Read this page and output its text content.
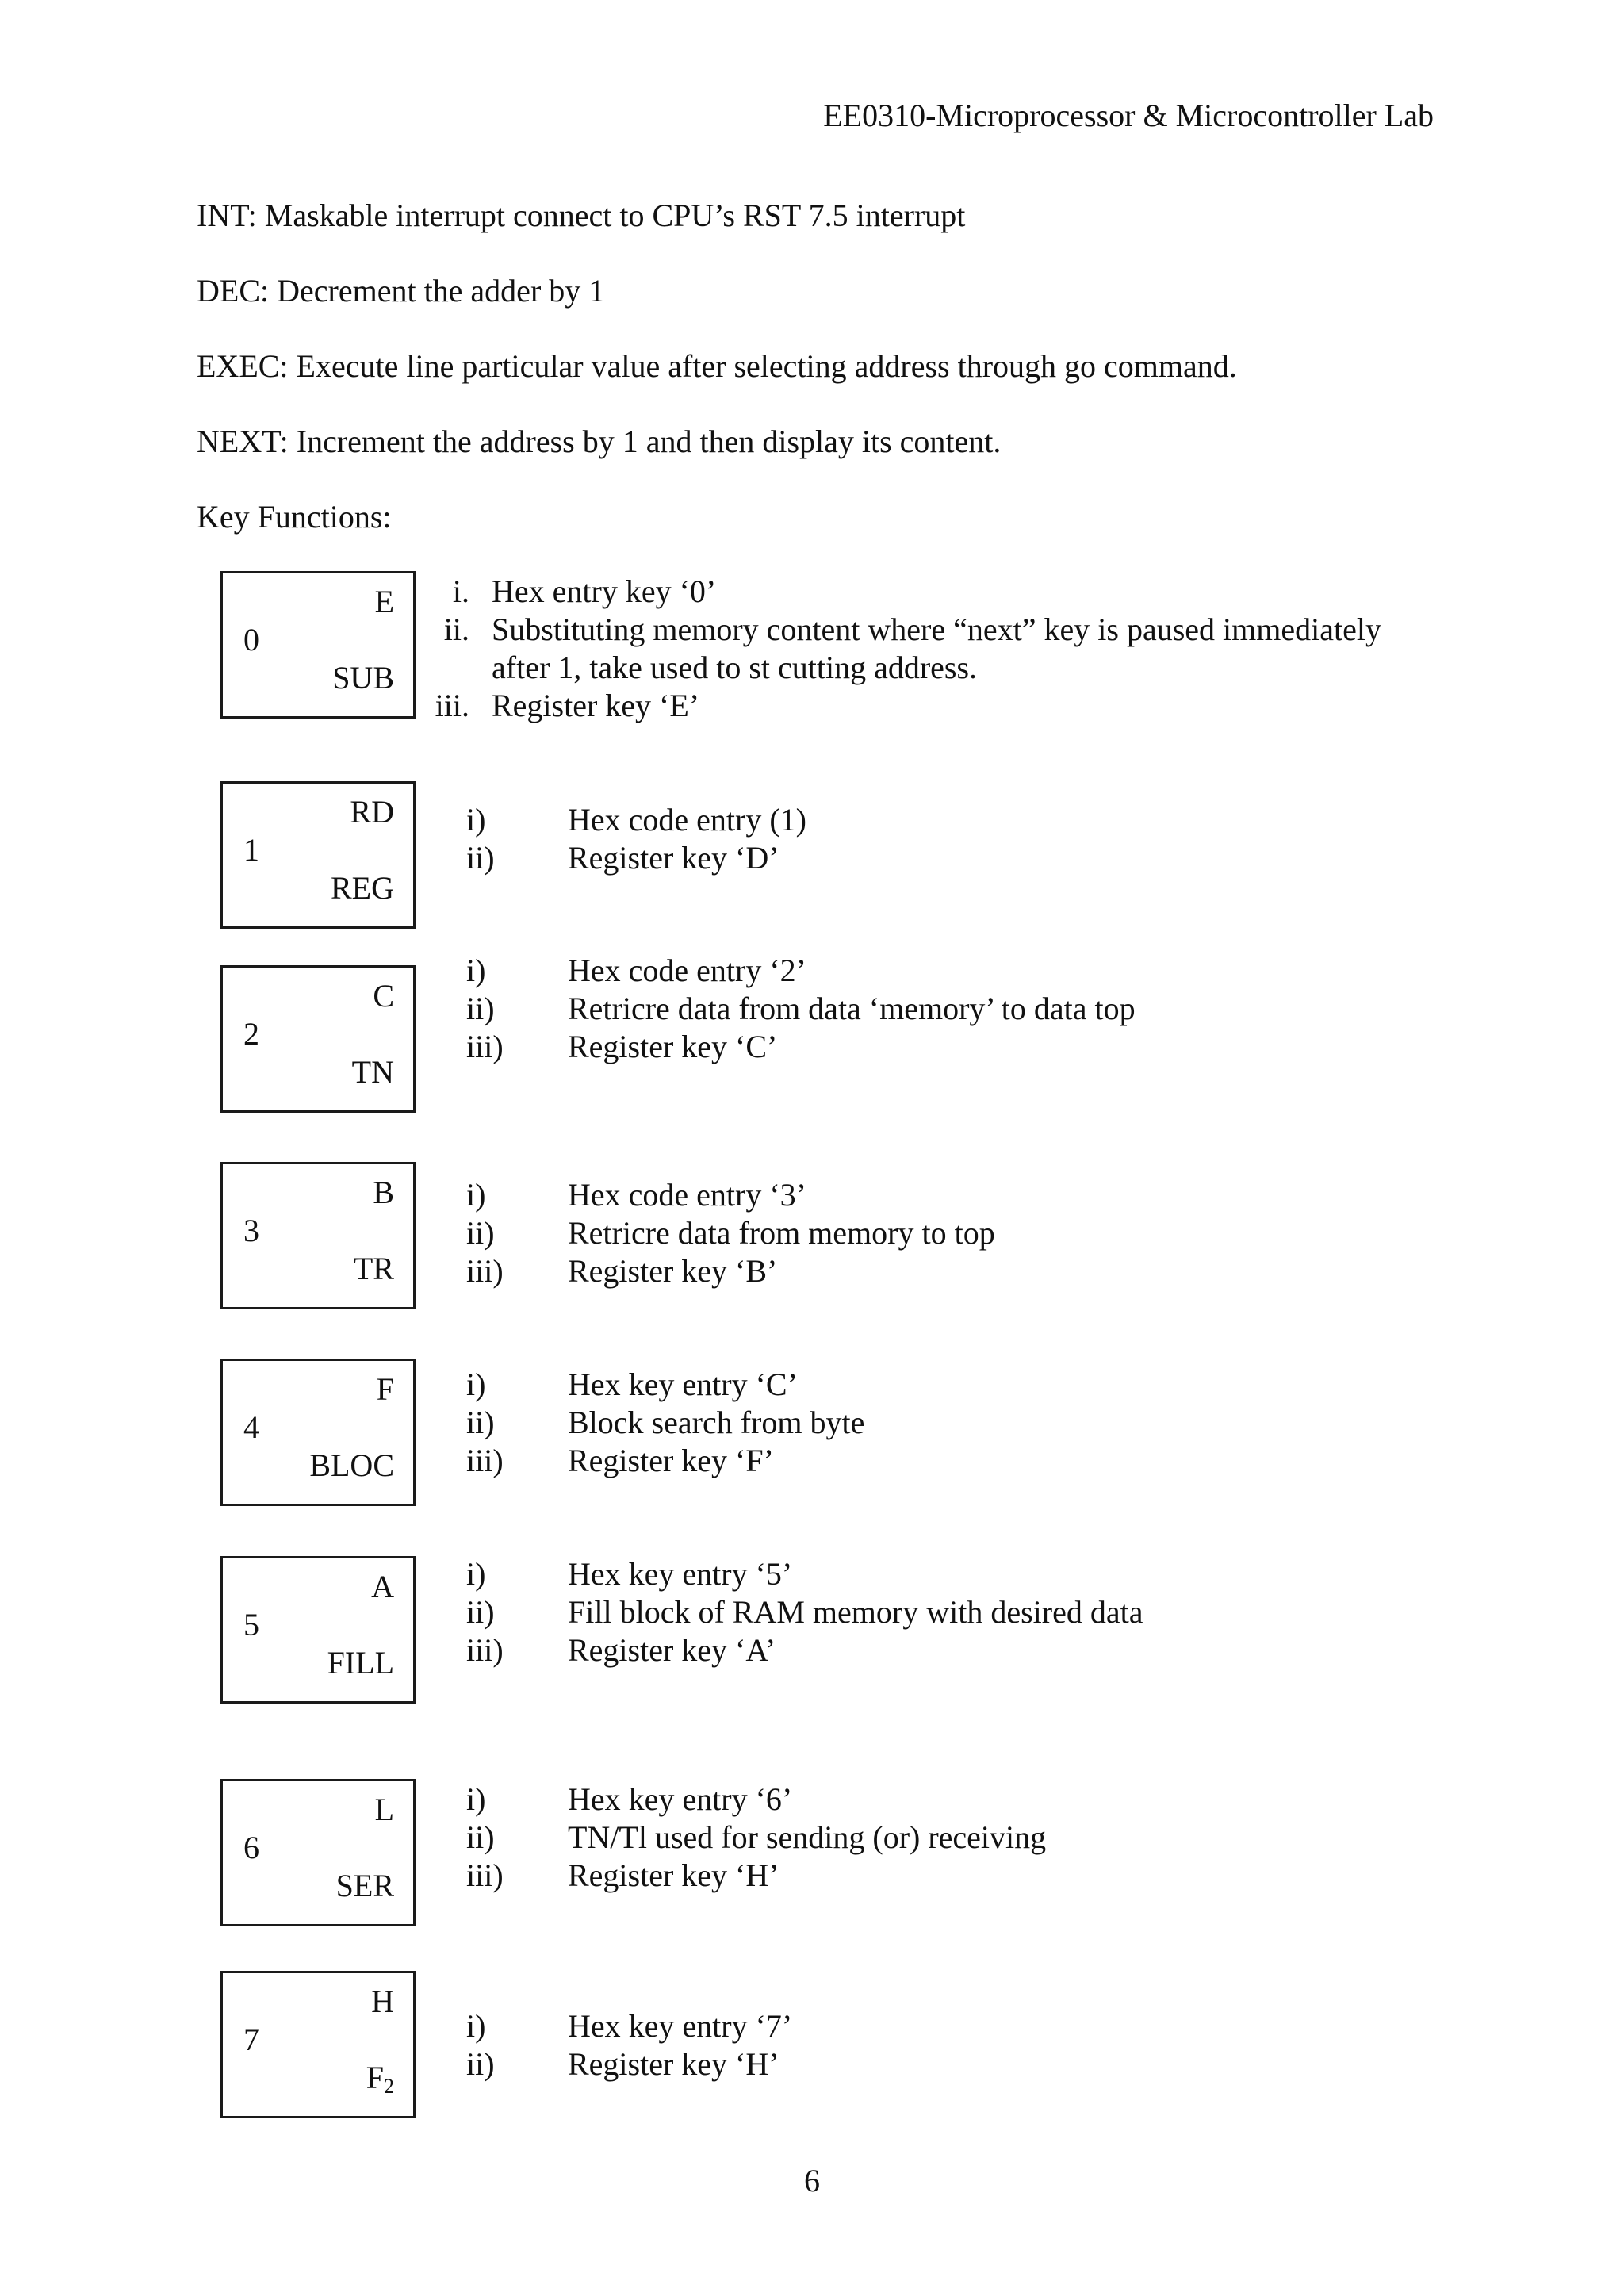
EE0310-Microprocessor & Microcontroller Lab
INT: Maskable interrupt connect to CPU’s RST 7.5 interrupt
DEC: Decrement the adder by 1
EXEC: Execute line particular value after selecting address through go command.
NEXT: Increment the address by 1 and then display its content.
Key Functions:
0
E
SUB
i. Hex entry key ‘0’
ii. Substituting memory content where “next” key is paused immediately
after 1, take used to st cutting address.
iii. Register key ‘E’
1
RD
REG
i)	Hex code entry (1)
ii)	Register key ‘D’
2
C
TN
i)	Hex code entry ‘2’
ii)	Retricre data from data ‘memory’ to data top
iii)	Register key ‘C’
3
B
TR
i)	Hex code entry ‘3’
ii)	Retricre data from memory to top
iii)	Register key ‘B’
4
F
BLOC
i)	Hex key entry ‘C’
ii)	Block search from byte
iii)	Register key ‘F’
5
A
FILL
i)	Hex key entry ‘5’
ii)	Fill block of RAM memory with desired data
iii)	Register key ‘A’
6
L
SER
i)	Hex key entry ‘6’
ii)	TN/Tl used for sending (or) receiving
iii)	Register key ‘H’
7
H
$F_2$
i)	Hex key entry ‘7’
ii)	Register key ‘H’
6
